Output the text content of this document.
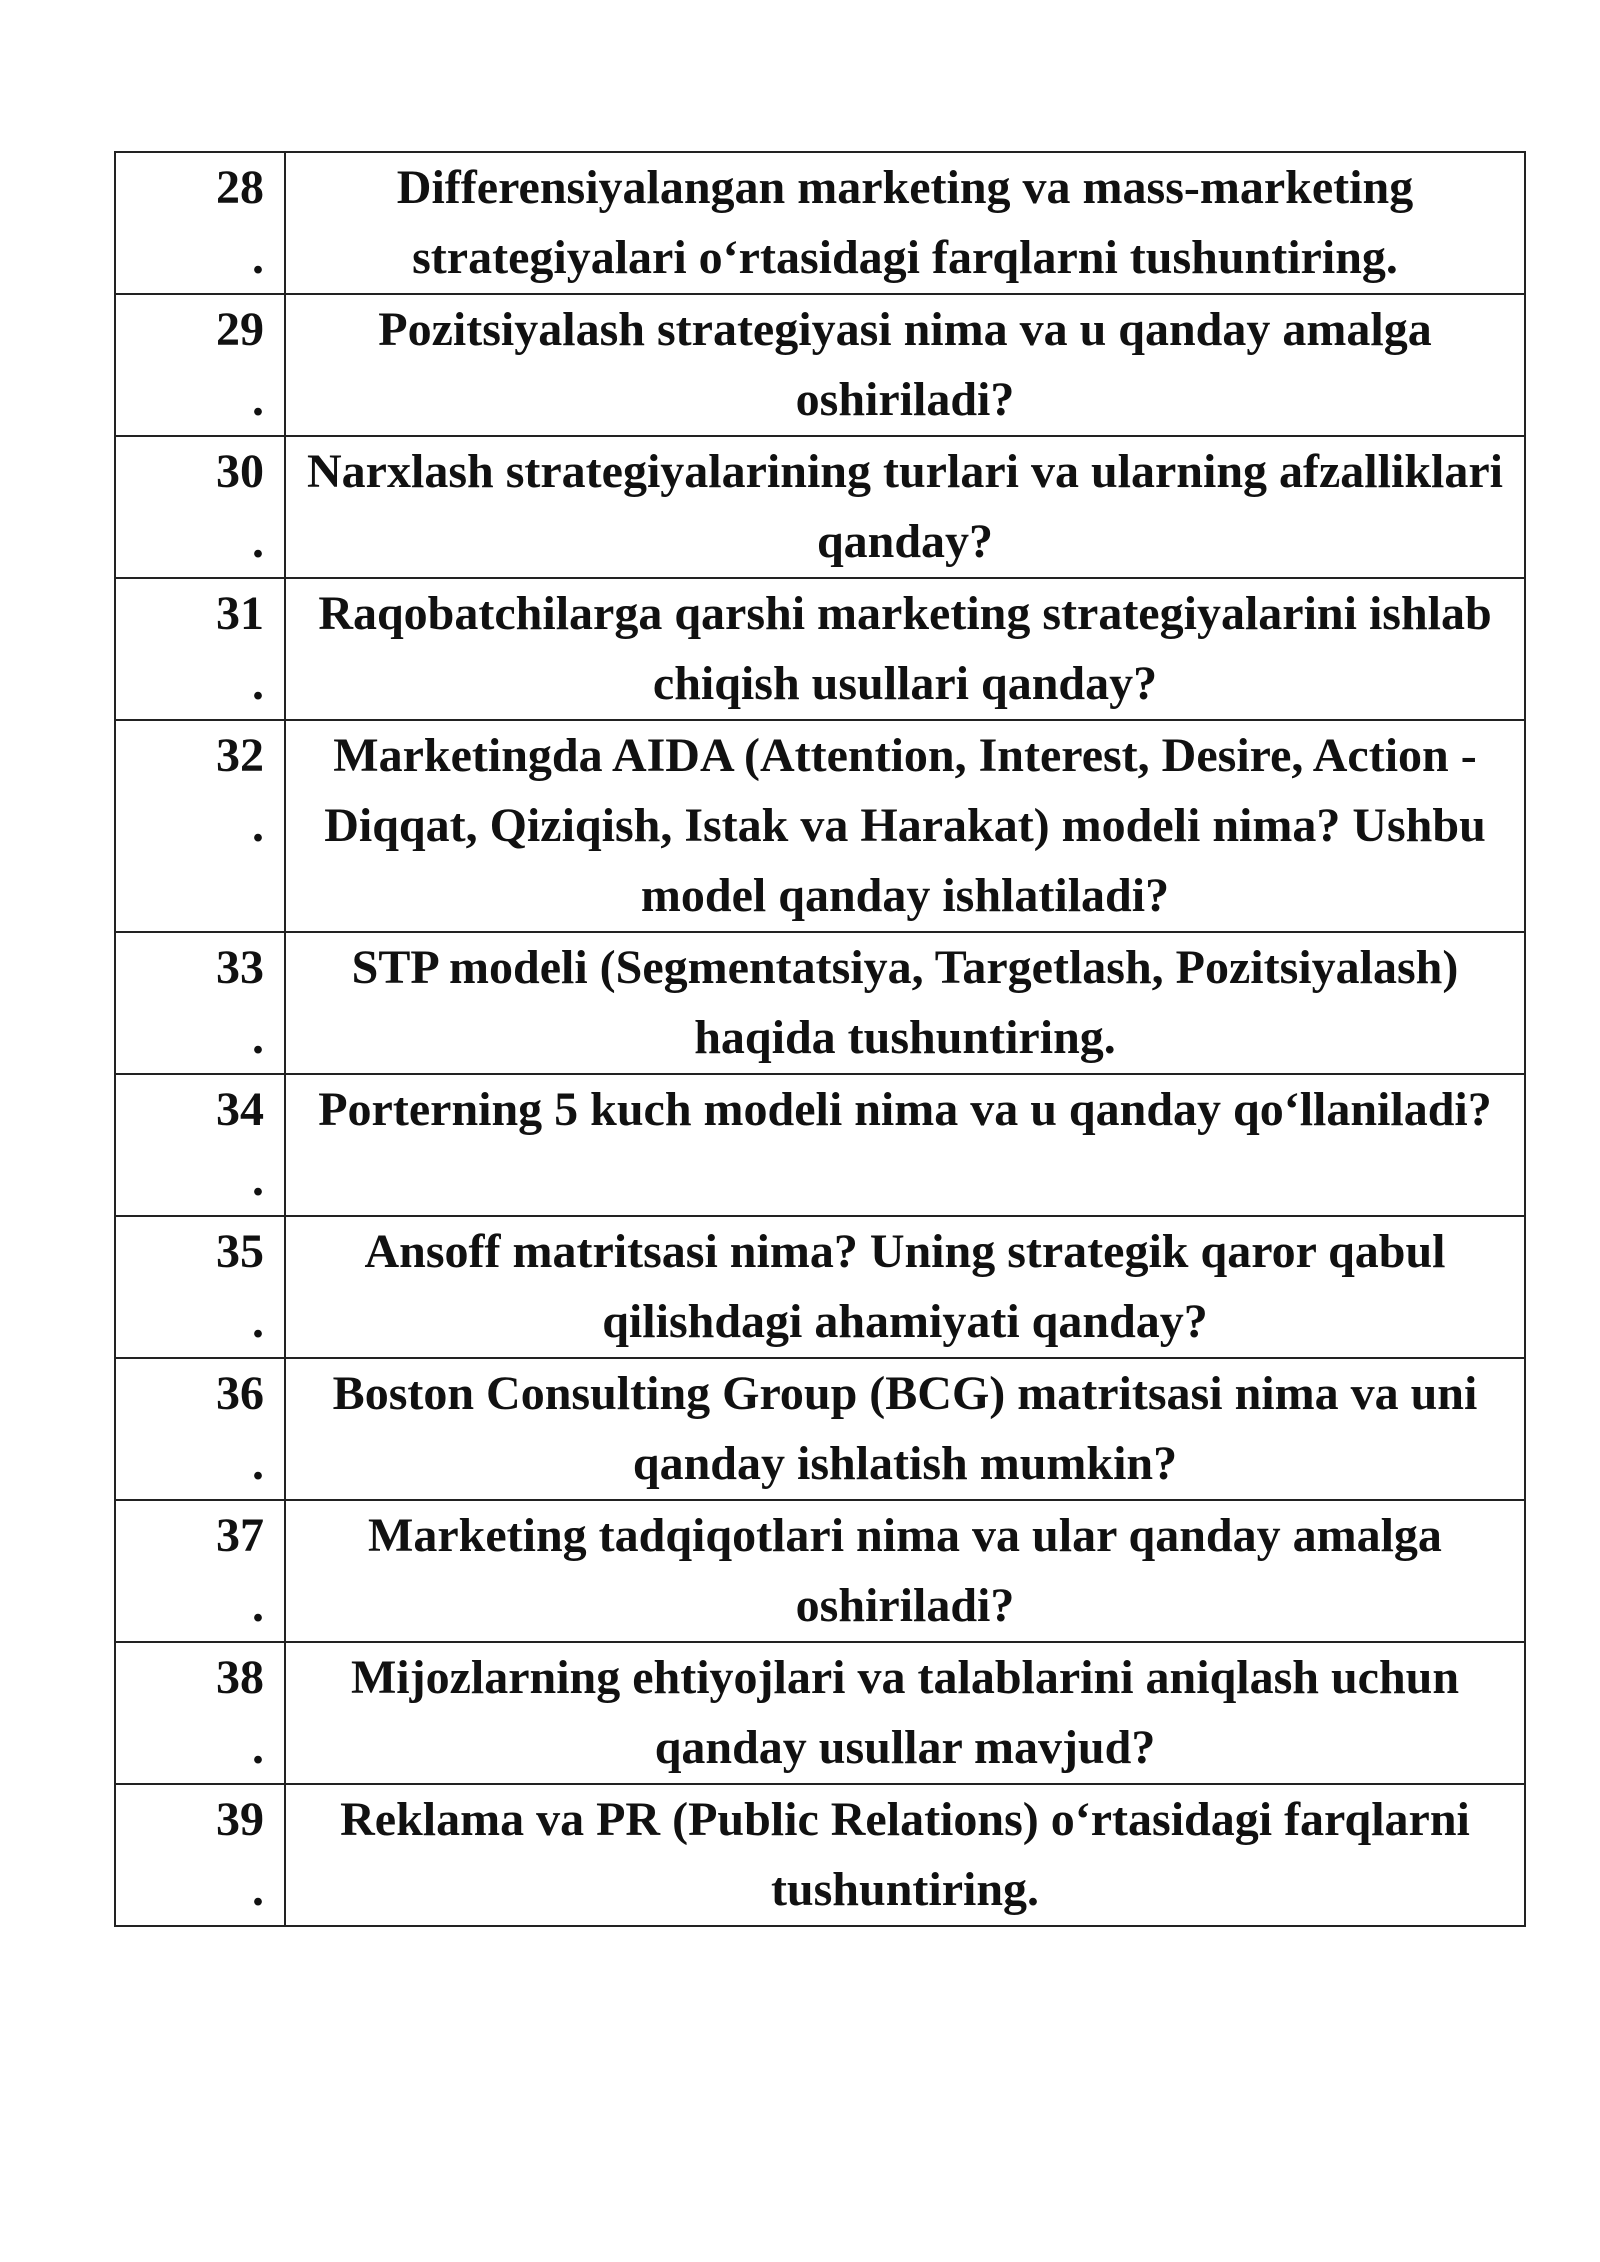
28
.	Differensiyalangan marketing va mass-marketing strategiyalari o‘rtasidagi farqlarni tushuntiring.

29
.	Pozitsiyalash strategiyasi nima va u qanday amalga oshiriladi?

30
.	Narxlash strategiyalarining turlari va ularning afzalliklari qanday?

31
.	Raqobatchilarga qarshi marketing strategiyalarini ishlab chiqish usullari qanday?

32
.	Marketingda AIDA (Attention, Interest, Desire, Action - Diqqat, Qiziqish, Istak va Harakat) modeli nima? Ushbu model qanday ishlatiladi?

33
.	STP modeli (Segmentatsiya, Targetlash, Pozitsiyalash) haqida tushuntiring.

34
.	Porterning 5 kuch modeli nima va u qanday qo‘llaniladi?

35
.	Ansoff matritsasi nima? Uning strategik qaror qabul qilishdagi ahamiyati qanday?

36
.	Boston Consulting Group (BCG) matritsasi nima va uni qanday ishlatish mumkin?

37
.	Marketing tadqiqotlari nima va ular qanday amalga oshiriladi?

38
.	Mijozlarning ehtiyojlari va talablarini aniqlash uchun qanday usullar mavjud?

39
.	Reklama va PR (Public Relations) o‘rtasidagi farqlarni tushuntiring.
